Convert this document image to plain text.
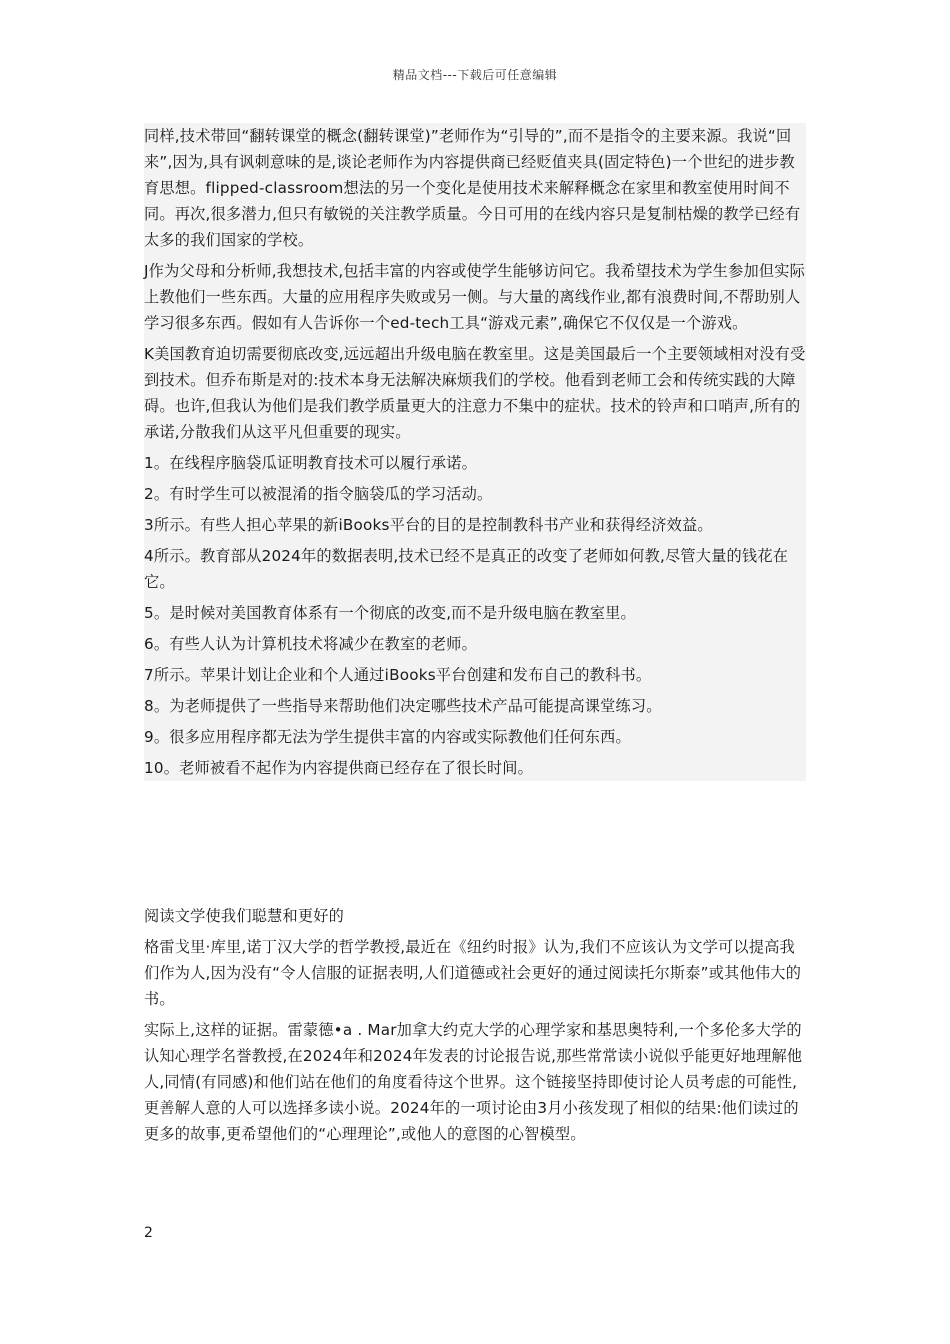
精品文档---下载后可任意编辑

同样,技术带回“翻转课堂的概念(翻转课堂)”老师作为“引导的”,而不是指令的主要来源。我说“回来”,因为,具有讽刺意味的是,谈论老师作为内容提供商已经贬值夹具(固定特色)一个世纪的进步教育思想。flipped-classroom想法的另一个变化是使用技术来解释概念在家里和教室使用时间不同。再次,很多潜力,但只有敏锐的关注教学质量。今日可用的在线内容只是复制枯燥的教学已经有太多的我们国家的学校。

J作为父母和分析师,我想技术,包括丰富的内容或使学生能够访问它。我希望技术为学生参加但实际上教他们一些东西。大量的应用程序失败或另一侧。与大量的离线作业,都有浪费时间,不帮助别人学习很多东西。假如有人告诉你一个ed-tech工具“游戏元素”,确保它不仅仅是一个游戏。

K美国教育迫切需要彻底改变,远远超出升级电脑在教室里。这是美国最后一个主要领域相对没有受到技术。但乔布斯是对的:技术本身无法解决麻烦我们的学校。他看到老师工会和传统实践的大障碍。也许,但我认为他们是我们教学质量更大的注意力不集中的症状。技术的铃声和口哨声,所有的承诺,分散我们从这平凡但重要的现实。

1。在线程序脑袋瓜证明教育技术可以履行承诺。

2。有时学生可以被混淆的指令脑袋瓜的学习活动。

3所示。有些人担心苹果的新iBooks平台的目的是控制教科书产业和获得经济效益。

4所示。教育部从2024年的数据表明,技术已经不是真正的改变了老师如何教,尽管大量的钱花在它。

5。是时候对美国教育体系有一个彻底的改变,而不是升级电脑在教室里。

6。有些人认为计算机技术将减少在教室的老师。

7所示。苹果计划让企业和个人通过iBooks平台创建和发布自己的教科书。

8。为老师提供了一些指导来帮助他们决定哪些技术产品可能提高课堂练习。

9。很多应用程序都无法为学生提供丰富的内容或实际教他们任何东西。

10。老师被看不起作为内容提供商已经存在了很长时间。

阅读文学使我们聪慧和更好的

格雷戈里·库里,诺丁汉大学的哲学教授,最近在《纽约时报》认为,我们不应该认为文学可以提高我们作为人,因为没有“令人信服的证据表明,人们道德或社会更好的通过阅读托尔斯泰”或其他伟大的书。

实际上,这样的证据。雷蒙德•a . Mar加拿大约克大学的心理学家和基思奥特利,一个多伦多大学的认知心理学名誉教授,在2024年和2024年发表的讨论报告说,那些常常读小说似乎能更好地理解他人,同情(有同感)和他们站在他们的角度看待这个世界。这个链接坚持即使讨论人员考虑的可能性,更善解人意的人可以选择多读小说。2024年的一项讨论由3月小孩发现了相似的结果:他们读过的更多的故事,更希望他们的“心理理论”,或他人的意图的心智模型。

2
